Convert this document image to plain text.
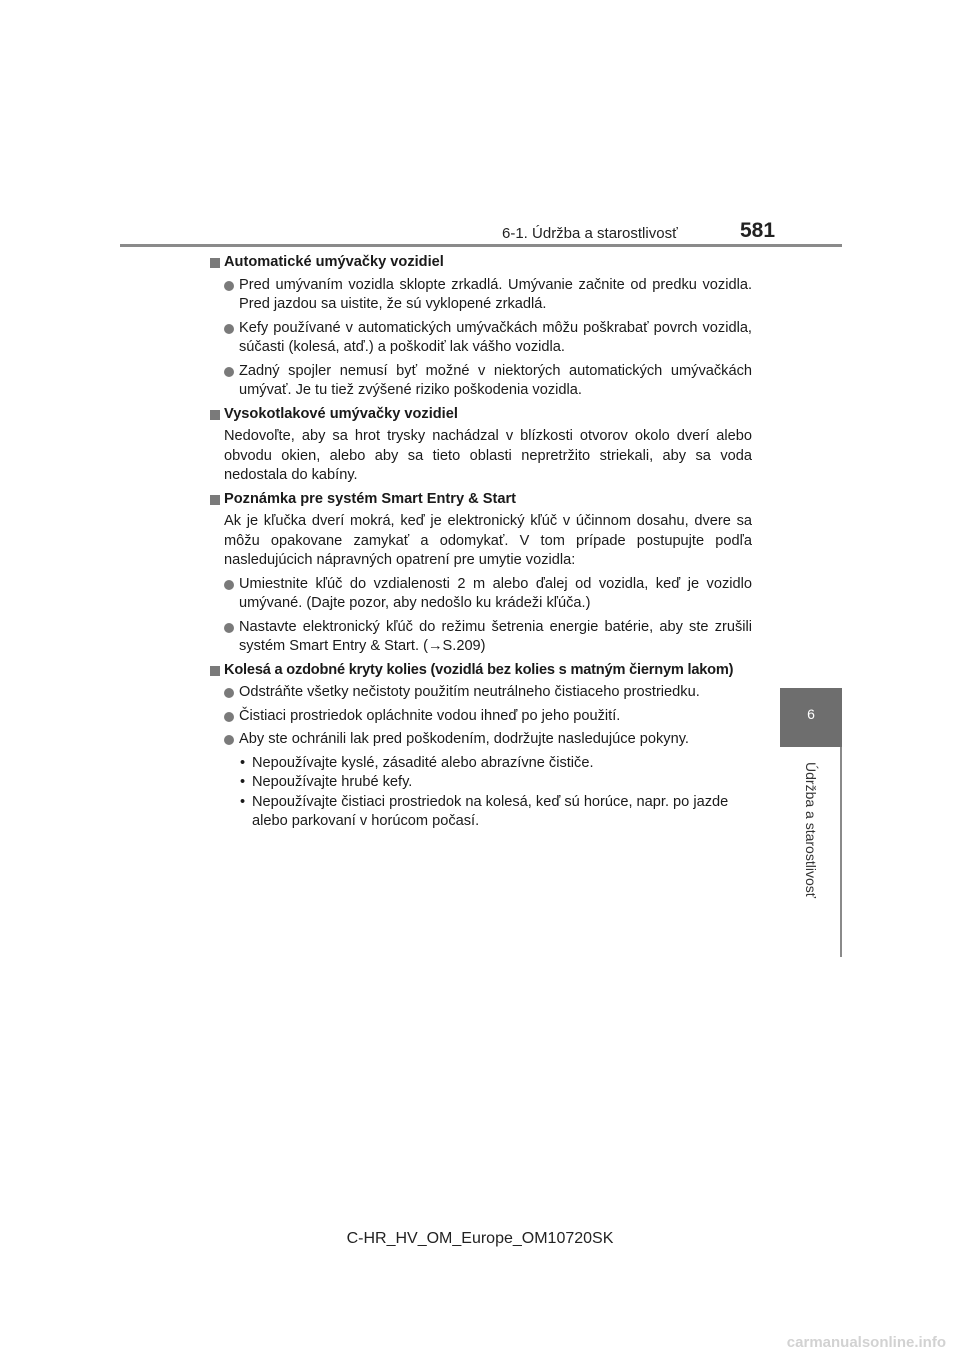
6-1. Údržba a starostlivosť	581
6
Údržba a starostlivosť
Automatické umývačky vozidiel
Pred umývaním vozidla sklopte zrkadlá. Umývanie začnite od predku vozidla. Pred jazdou sa uistite, že sú vyklopené zrkadlá.
Kefy používané v automatických umývačkách môžu poškrabať povrch vozidla, súčasti (kolesá, atď.) a poškodiť lak vášho vozidla.
Zadný spojler nemusí byť možné v niektorých automatických umývačkách umývať. Je tu tiež zvýšené riziko poškodenia vozidla.
Vysokotlakové umývačky vozidiel
Nedovoľte, aby sa hrot trysky nachádzal v blízkosti otvorov okolo dverí alebo obvodu okien, alebo aby sa tieto oblasti nepretržito striekali, aby sa voda nedostala do kabíny.
Poznámka pre systém Smart Entry & Start
Ak je kľučka dverí mokrá, keď je elektronický kľúč v účinnom dosahu, dvere sa môžu opakovane zamykať a odomykať. V tom prípade postupujte podľa nasledujúcich nápravných opatrení pre umytie vozidla:
Umiestnite kľúč do vzdialenosti 2 m alebo ďalej od vozidla, keď je vozidlo umývané. (Dajte pozor, aby nedošlo ku krádeži kľúča.)
Nastavte elektronický kľúč do režimu šetrenia energie batérie, aby ste zrušili systém Smart Entry & Start. (→S.209)
Kolesá a ozdobné kryty kolies (vozidlá bez kolies s matným čiernym lakom)
Odstráňte všetky nečistoty použitím neutrálneho čistiaceho prostriedku.
Čistiaci prostriedok opláchnite vodou ihneď po jeho použití.
Aby ste ochránili lak pred poškodením, dodržujte nasledujúce pokyny.
• Nepoužívajte kyslé, zásadité alebo abrazívne čističe.
• Nepoužívajte hrubé kefy.
• Nepoužívajte čistiaci prostriedok na kolesá, keď sú horúce, napr. po jazde alebo parkovaní v horúcom počasí.
C-HR_HV_OM_Europe_OM10720SK
carmanualsonline.info
